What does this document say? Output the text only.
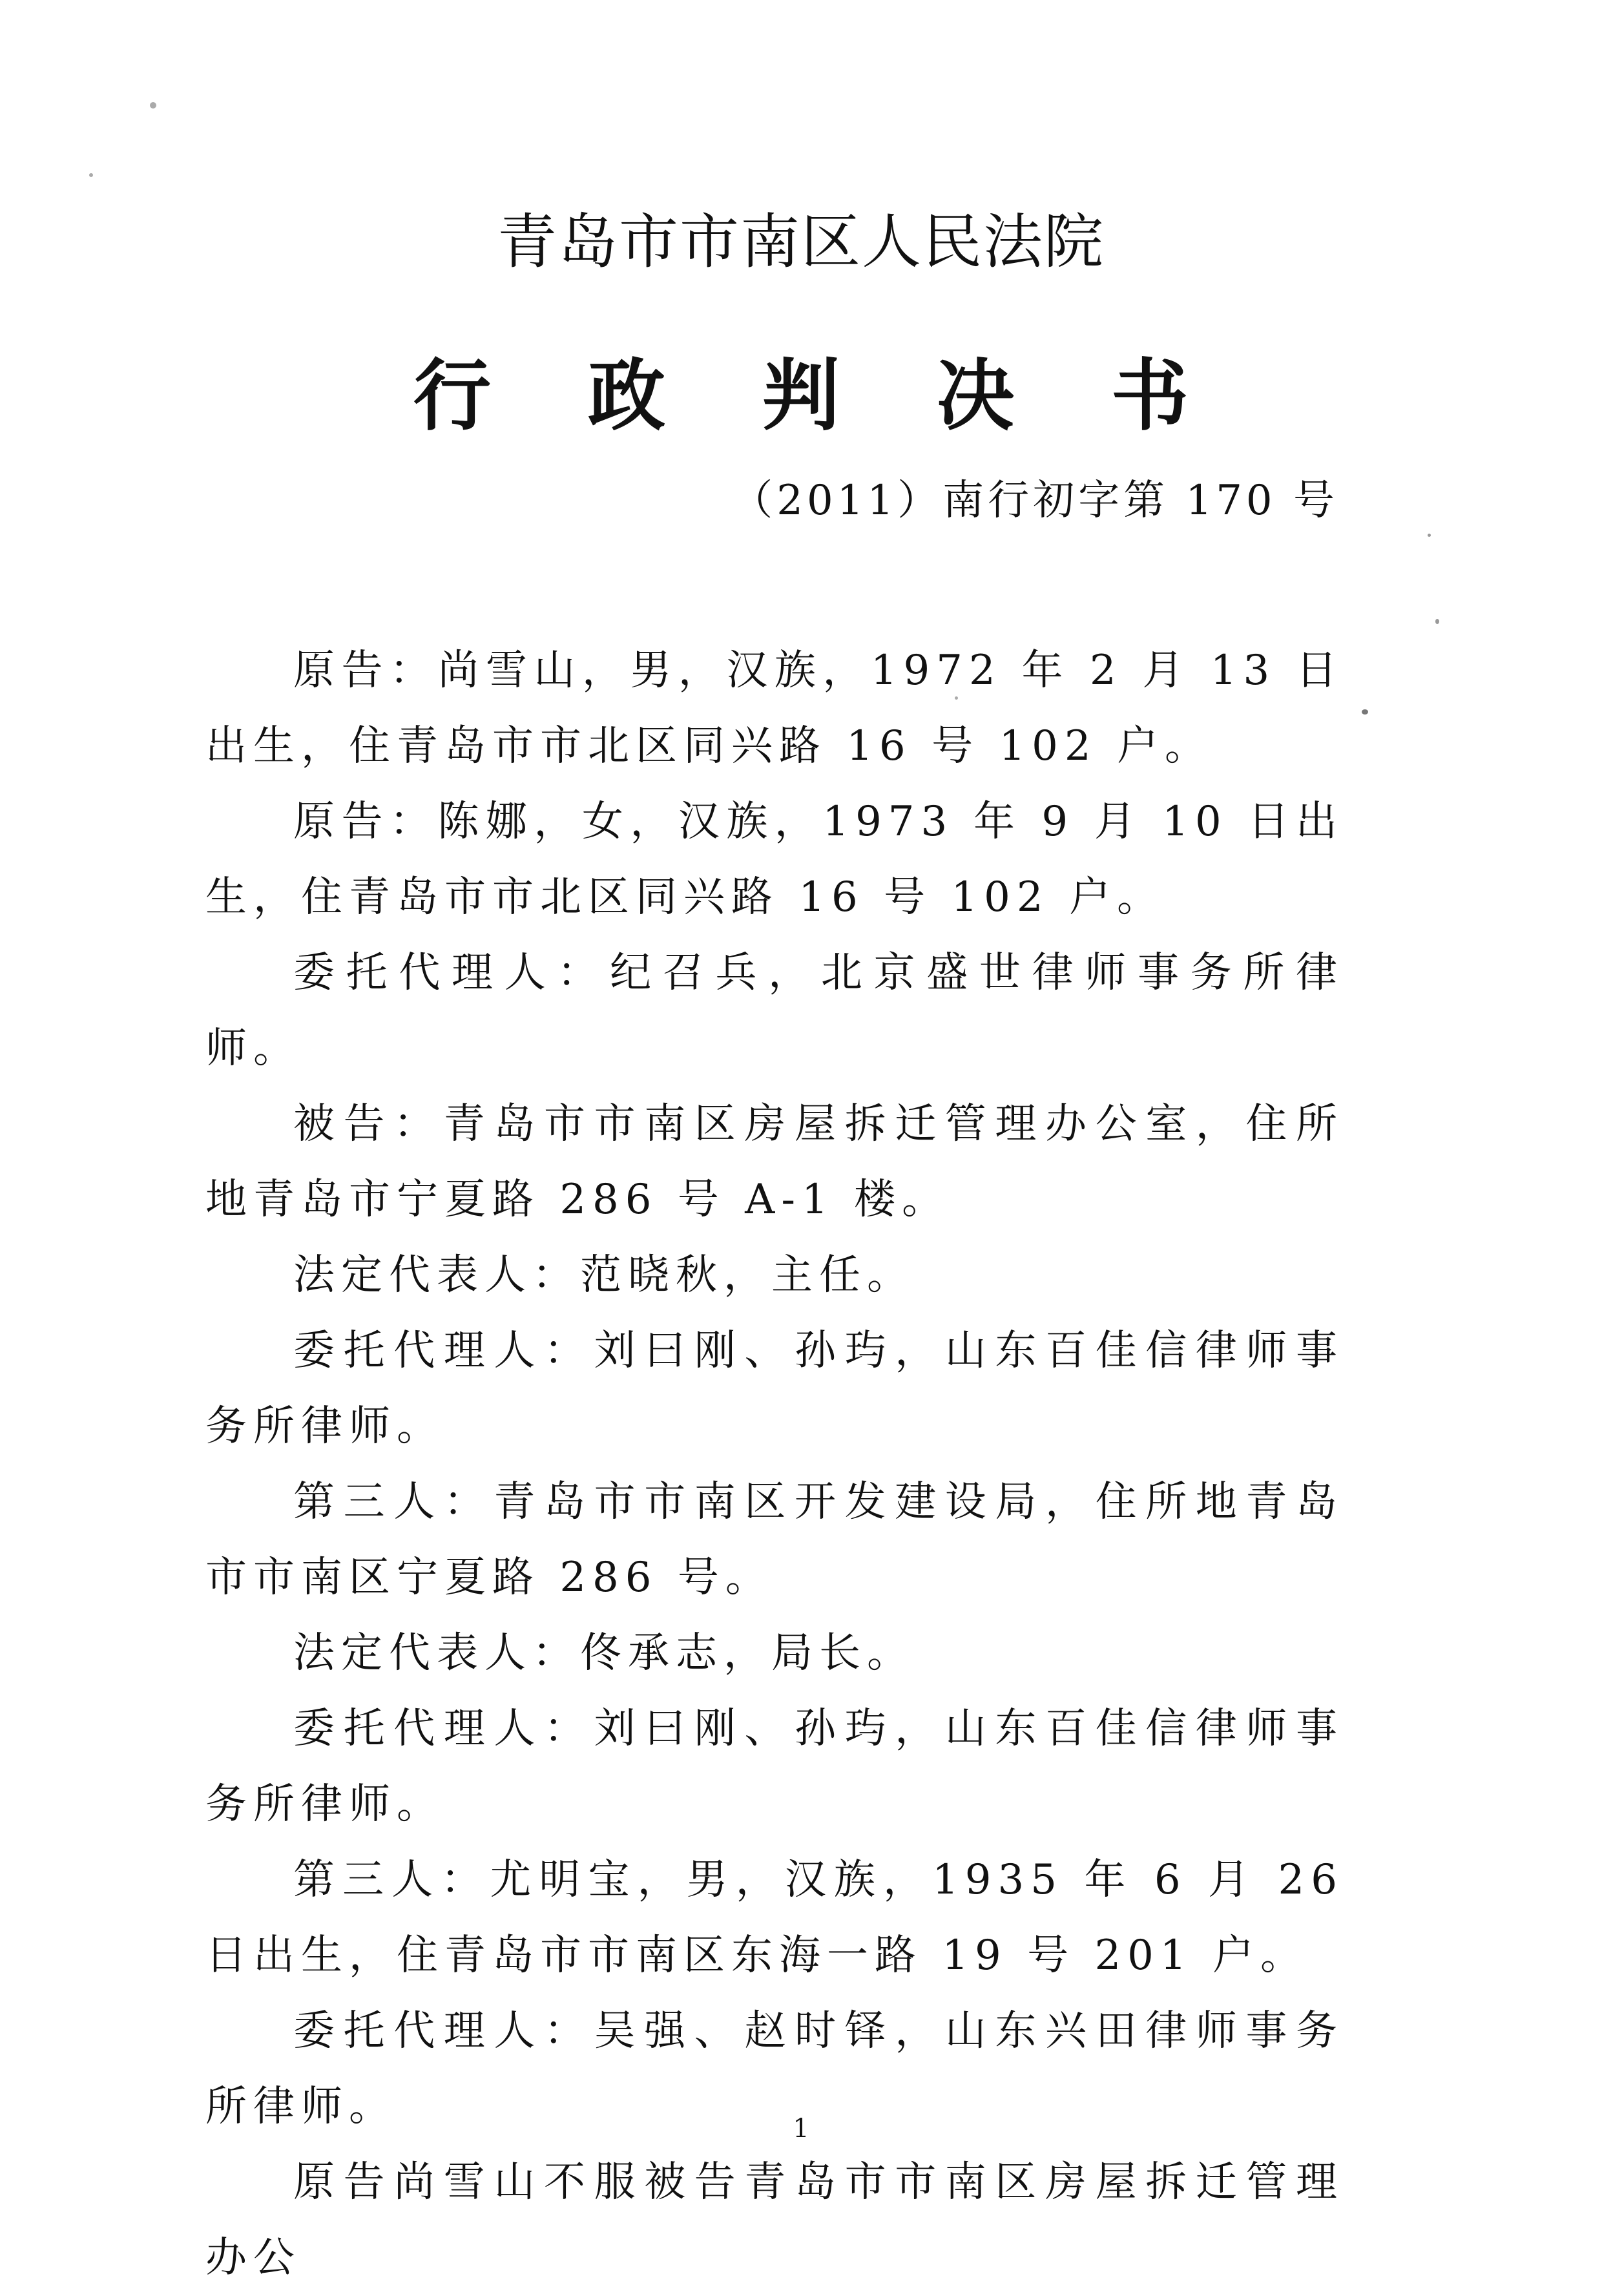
青岛市市南区人民法院
行政判决书
（2011）南行初字第 170 号

原告：尚雪山，男，汉族，1972 年 2 月 13 日出生，住青岛市市北区同兴路 16 号 102 户。

原告：陈娜，女，汉族，1973 年 9 月 10 日出生，住青岛市市北区同兴路 16 号 102 户。

委托代理人：纪召兵，北京盛世律师事务所律师。

被告：青岛市市南区房屋拆迁管理办公室，住所地青岛市宁夏路 286 号 A-1 楼。

法定代表人：范晓秋，主任。

委托代理人：刘曰刚、孙玙，山东百佳信律师事务所律师。

第三人：青岛市市南区开发建设局，住所地青岛市市南区宁夏路 286 号。

法定代表人：佟承志，局长。

委托代理人：刘曰刚、孙玙，山东百佳信律师事务所律师。

第三人：尤明宝，男，汉族，1935 年 6 月 26 日出生，住青岛市市南区东海一路 19 号 201 户。

委托代理人：吴强、赵时铎，山东兴田律师事务所律师。

原告尚雪山不服被告青岛市市南区房屋拆迁管理办公

1
